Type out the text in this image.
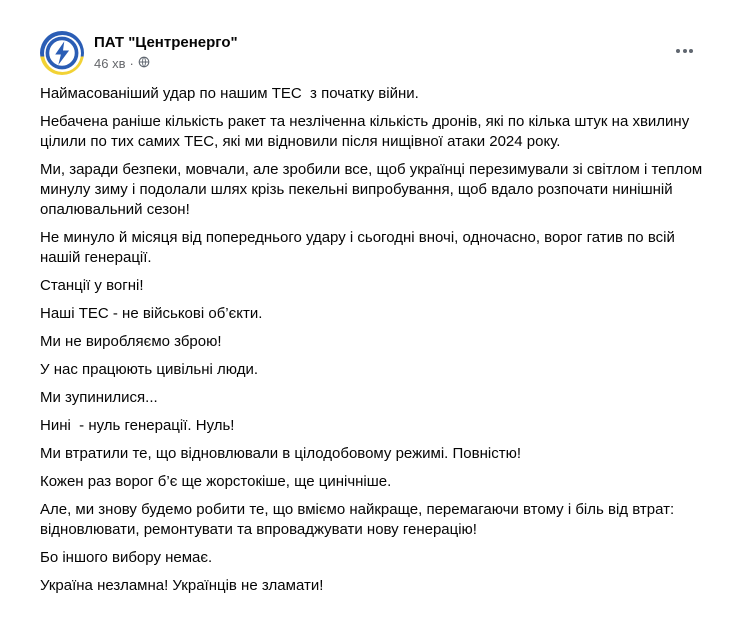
ПАТ "Центренерго"
46 хв ·

Наймасованіший удар по нашим ТЕС  з початку війни.

Небачена раніше кількість ракет та незліченна кількість дронів, які по кілька штук на хвилину цілили по тих самих ТЕС, які ми відновили після нищівної атаки 2024 року.

Ми, заради безпеки, мовчали, але зробили все, щоб українці перезимували зі світлом і теплом минулу зиму і подолали шлях крізь пекельні випробування, щоб вдало розпочати нинішній опалювальний сезон!

Не минуло й місяця від попереднього удару і сьогодні вночі, одночасно, ворог гатив по всій нашій генерації.

Станції у вогні!

Наші ТЕС - не військові об’єкти.

Ми не виробляємо зброю!

У нас працюють цивільні люди.

Ми зупинилися...

Нині  - нуль генерації. Нуль!

Ми втратили те, що відновлювали в цілодобовому режимі. Повністю!

Кожен раз ворог б’є ще жорстокіше, ще цинічніше.

Але, ми знову будемо робити те, що вміємо найкраще, перемагаючи втому і біль від втрат: відновлювати, ремонтувати та впроваджувати нову генерацію!

Бо іншого вибору немає.

Україна незламна! Українців не зламати!
